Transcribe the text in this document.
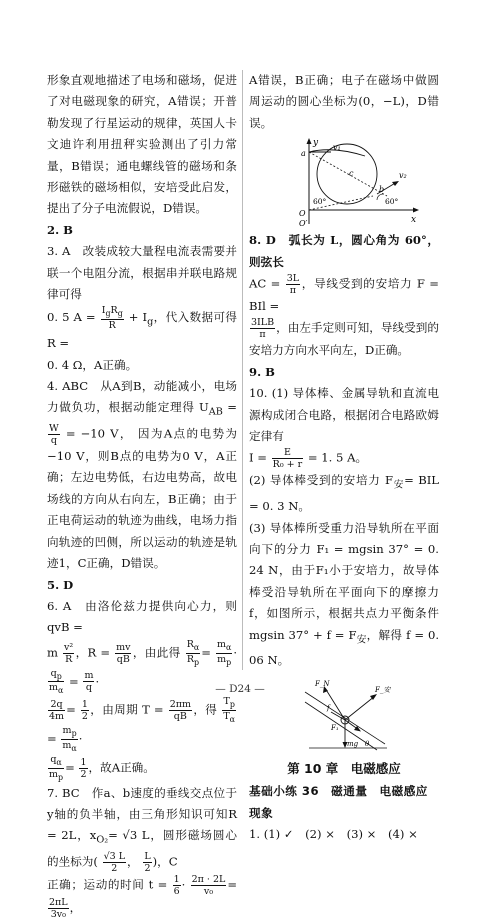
形象直观地描述了电场和磁场，促进了对电磁现象的研究，A错误；开普勒发现了行星运动的规律，英国人卡文迪许利用扭秤实验测出了引力常量，B错误；通电螺线管的磁场和条形磁铁的磁场相似，安培受此启发，提出了分子电流假说，D错误。

2. B

3. A　改装成较大量程电流表需要并联一个电阻分流，根据串并联电路规律可得
0. 5 $A = \frac{I_gR_g}{R} + I_g$，代入数据可得R =
0. 4 Ω，A正确。

4. ABC　从A到B，动能减小，电场力做负功，根据动能定理得 $U_{AB}$ =
$\frac{W}{q} = -10$ V， 因为A点的电势为−10 V，则B点的电势为0 V，A正确；左边电势低，右边电势高，故电场线的方向从右向左，B正确；由于正电荷运动的轨迹为曲线，电场力指向轨迹的凹侧，所以运动的轨迹是轨迹1，C正确，D错误。

5. D

6. A　由洛伦兹力提供向心力，则 qvB =
m $\frac{\text{v²}}{R}$ ，$R = \frac{mv}{qB}$ ，由此得 $\frac{R_\alpha}{R_p} = \frac{m_\alpha}{m_p}$ ·
$\frac{q_p}{m_\alpha} = \frac{m}{q}$ ·

$\frac{2q}{4m} = \frac{1}{2}$ ，由周期 $T = \frac{2\pi m}{qB}$ ，得 $\frac{T_p}{T_\alpha}$
= $\frac{m_p}{m_\alpha}$ ·

$\frac{q_\alpha}{m_p} = \frac{1}{2}$ ，故A正确。

7. BC　作a、b速度的垂线交点位于y轴的负半轴，由三角形知识可知R = 2L，$x_{O_2}= √3$ L，圆形磁场圆心的坐标为( $\frac{√3 L}{2}$ ， $\frac{L}{2}$ )，C
正确；运动的时间 $t = \frac{1}{6} \cdot \frac{2\pi \cdot 2L}{\text{v₀}}$ =
$\frac{2\pi L}{\text{3v₀}}$ ，

A错误，B正确；电子在磁场中做圆周运动的圆心坐标为(0，−L)，D错误。

y
x
v₁
v₂
60°
60°
O
O′
a
b
c

8. D　弧长为 L，圆心角为 60°，则弦长
AC = $\frac{3L}{\pi}$ ，导线受到的安培力 F = BIl =

$\frac{\text{3ILB}}{\pi}$ ，由左手定则可知，导线受到的安培力方向水平向左，D正确。

9. B

10. (1) 导体棒、金属导轨和直流电源构成闭合电路，根据闭合电路欧姆定律有
$I = \frac{E}{\text{R₀ + r}} = 1$. 5 A。
(2) 导体棒受到的安培力 $F_安=$ BIL = 0. 3 N。
(3) 导体棒所受重力沿导轨所在平面向下的分力 F₁ = mgsin 37° = 0. 24 N，由于F₁小于安培力，故导体棒受沿导轨所在平面向下的摩擦力 f，如图所示，根据共点力平衡条件 mgsin $37^\circ + f = F_安$，解得 f = 0. 06 N。

F_N
F_安
F₁
f
mg θ
第 10 章　电磁感应
基础小练 36　磁通量　电磁感应现象

1. (1) ✓　(2) ×　(3) ×　(4) ×

— D24 —
